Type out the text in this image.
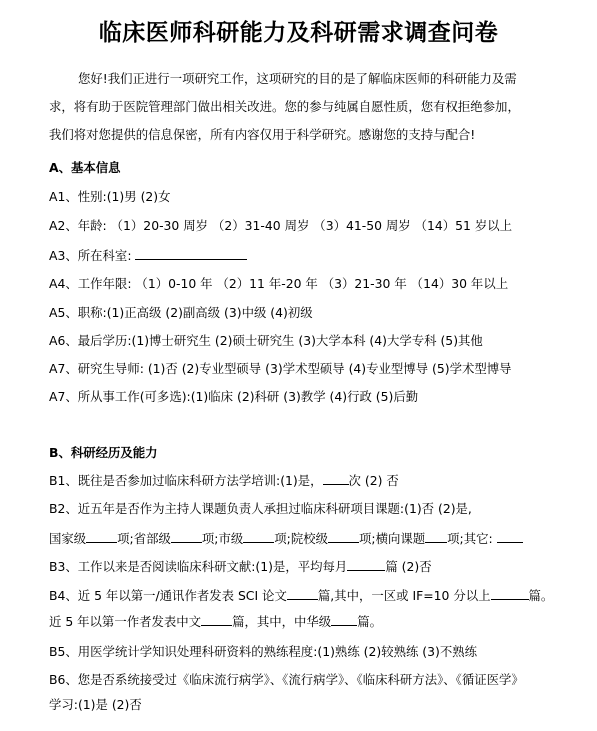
临床医师科研能力及科研需求调查问卷
您好!我们正进行一项研究工作，这项研究的目的是了解临床医师的科研能力及需
求，将有助于医院管理部门做出相关改进。您的参与纯属自愿性质，您有权拒绝参加，
我们将对您提供的信息保密，所有内容仅用于科学研究。感谢您的支持与配合!
A、基本信息
A1、性别:(1)男 (2)女
A2、年龄: （1）20-30 周岁 （2）31-40 周岁 （3）41-50 周岁 （14）51 岁以上
A3、所在科室:
A4、工作年限: （1）0-10 年 （2）11 年-20 年 （3）21-30 年 （14）30 年以上
A5、职称:(1)正高级 (2)副高级 (3)中级 (4)初级
A6、最后学历:(1)博士研究生 (2)硕士研究生 (3)大学本科 (4)大学专科 (5)其他
A7、研究生导师: (1)否 (2)专业型硕导 (3)学术型硕导 (4)专业型博导 (5)学术型博导
A7、所从事工作(可多选):(1)临床 (2)科研 (3)教学 (4)行政 (5)后勤
B、科研经历及能力
B1、既往是否参加过临床科研方法学培训:(1)是， 次 (2) 否
B2、近五年是否作为主持人课题负责人承担过临床科研项目课题:(1)否 (2)是,
国家级	项;省部级	项;市级	项;院校级	项;横向课题 项;其它:
B3、工作以来是否阅读临床科研文献:(1)是，平均每月	篇 (2)否
B4、近 5 年以第一/通讯作者发表 SCI 论文	篇,其中，一区或 IF=10 分以上	篇。
近 5 年以第一作者发表中文	篇，其中，中华级 篇。
B5、用医学统计学知识处理科研资料的熟练程度:(1)熟练 (2)较熟练 (3)不熟练
B6、您是否系统接受过《临床流行病学》、《流行病学》、《临床科研方法》、《循证医学》
学习:(1)是 (2)否
